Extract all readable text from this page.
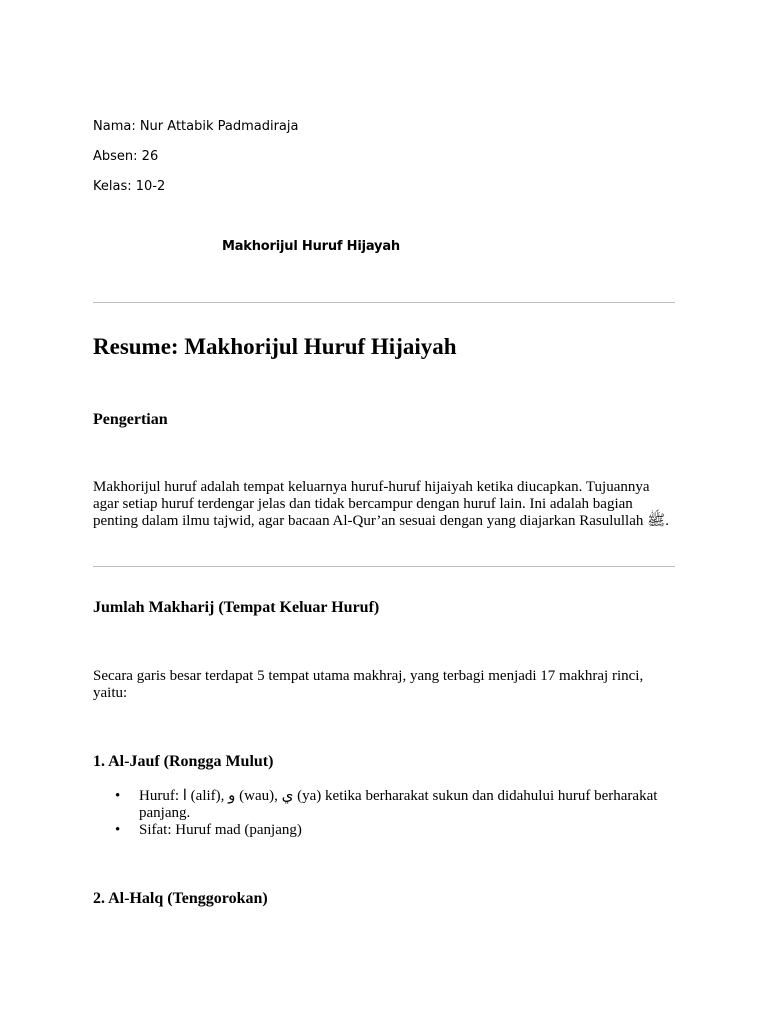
Nama: Nur Attabik Padmadiraja
Absen: 26
Kelas: 10-2
Makhorijul Huruf Hijayah
Resume: Makhorijul Huruf Hijaiyah
Pengertian
Makhorijul huruf adalah tempat keluarnya huruf-huruf hijaiyah ketika diucapkan. Tujuannya agar setiap huruf terdengar jelas dan tidak bercampur dengan huruf lain. Ini adalah bagian penting dalam ilmu tajwid, agar bacaan Al-Qur’an sesuai dengan yang diajarkan Rasulullah ﷺ.
Jumlah Makharij (Tempat Keluar Huruf)
Secara garis besar terdapat 5 tempat utama makhraj, yang terbagi menjadi 17 makhraj rinci, yaitu:
1. Al-Jauf (Rongga Mulut)
• Huruf: ا (alif), و (wau), ي (ya) ketika berharakat sukun dan didahului huruf berharakat panjang.
• Sifat: Huruf mad (panjang)
2. Al-Halq (Tenggorokan)
